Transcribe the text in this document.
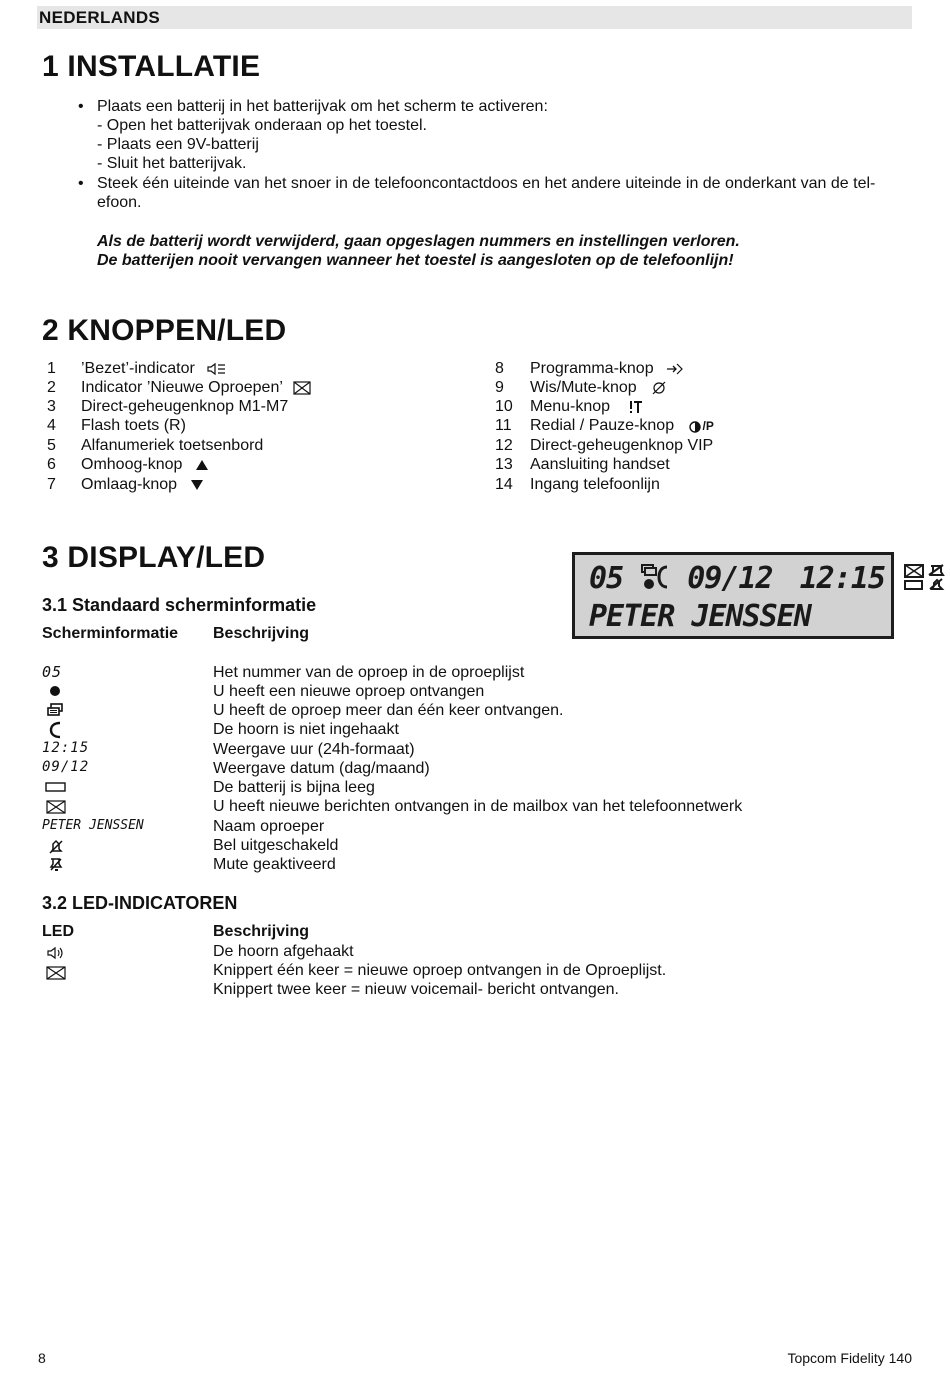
NEDERLANDS
1 INSTALLATIE
• Plaats een batterij in het batterijvak om het scherm te activeren:
- Open het batterijvak onderaan op het toestel.
- Plaats een 9V-batterij
- Sluit het batterijvak.
• Steek één uiteinde van het snoer in de telefooncontactdoos en het andere uiteinde in de onderkant van de tel-
efoon.
Als de batterij wordt verwijderd, gaan opgeslagen nummers en instellingen verloren.
De batterijen nooit vervangen wanneer het toestel is aangesloten op de telefoonlijn!
2 KNOPPEN/LED
1 ’Bezet’-indicator
2 Indicator ’Nieuwe Oproepen’
3 Direct-geheugenknop M1-M7
4 Flash toets (R)
5 Alfanumeriek toetsenbord
6 Omhoog-knop
7 Omlaag-knop
8 Programma-knop
9 Wis/Mute-knop
10 Menu-knop
11 Redial / Pauze-knop /P
12 Direct-geheugenknop VIP
13 Aansluiting handset
14 Ingang telefoonlijn
3 DISPLAY/LED
05 09/12 12:15
PETER JENSSEN
3.1 Standaard scherminformatie
Scherminformatie Beschrijving
05	Het nummer van de oproep in de oproeplijst
U heeft een nieuwe oproep ontvangen
U heeft de oproep meer dan één keer ontvangen.
De hoorn is niet ingehaakt
12:15	Weergave uur (24h-formaat)
09/12	Weergave datum (dag/maand)
De batterij is bijna leeg
U heeft nieuwe berichten ontvangen in de mailbox van het telefoonnetwerk
PETER JENSSEN	Naam oproeper
Bel uitgeschakeld
Mute geaktiveerd
3.2 LED-INDICATOREN
LED	Beschrijving
De hoorn afgehaakt
Knippert één keer = nieuwe oproep ontvangen in de Oproeplijst.
Knippert twee keer = nieuw voicemail- bericht ontvangen.
8	Topcom Fidelity 140
